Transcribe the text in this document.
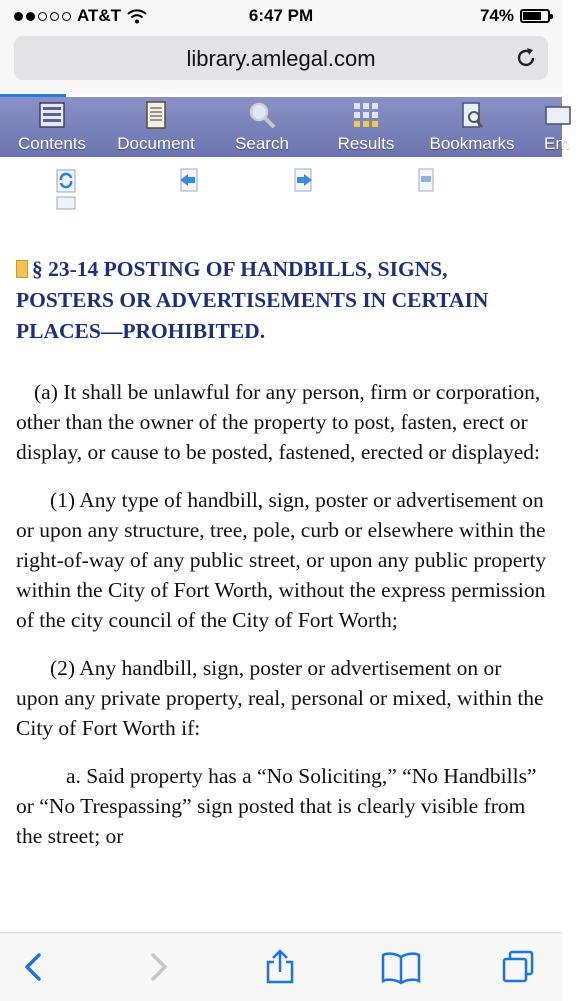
AT&T	6:47 PM	74%
library.amlegal.com
Contents	Document	Search	Results	Bookmarks	Em
§ 23-14 POSTING OF HANDBILLS, SIGNS, POSTERS OR ADVERTISEMENTS IN CERTAIN PLACES—PROHIBITED.

(a) It shall be unlawful for any person, firm or corporation, other than the owner of the property to post, fasten, erect or display, or cause to be posted, fastened, erected or displayed:

(1) Any type of handbill, sign, poster or advertisement on or upon any structure, tree, pole, curb or elsewhere within the right-of-way of any public street, or upon any public property within the City of Fort Worth, without the express permission of the city council of the City of Fort Worth;

(2) Any handbill, sign, poster or advertisement on or upon any private property, real, personal or mixed, within the City of Fort Worth if:

a. Said property has a “No Soliciting,” “No Handbills” or “No Trespassing” sign posted that is clearly visible from the street; or
